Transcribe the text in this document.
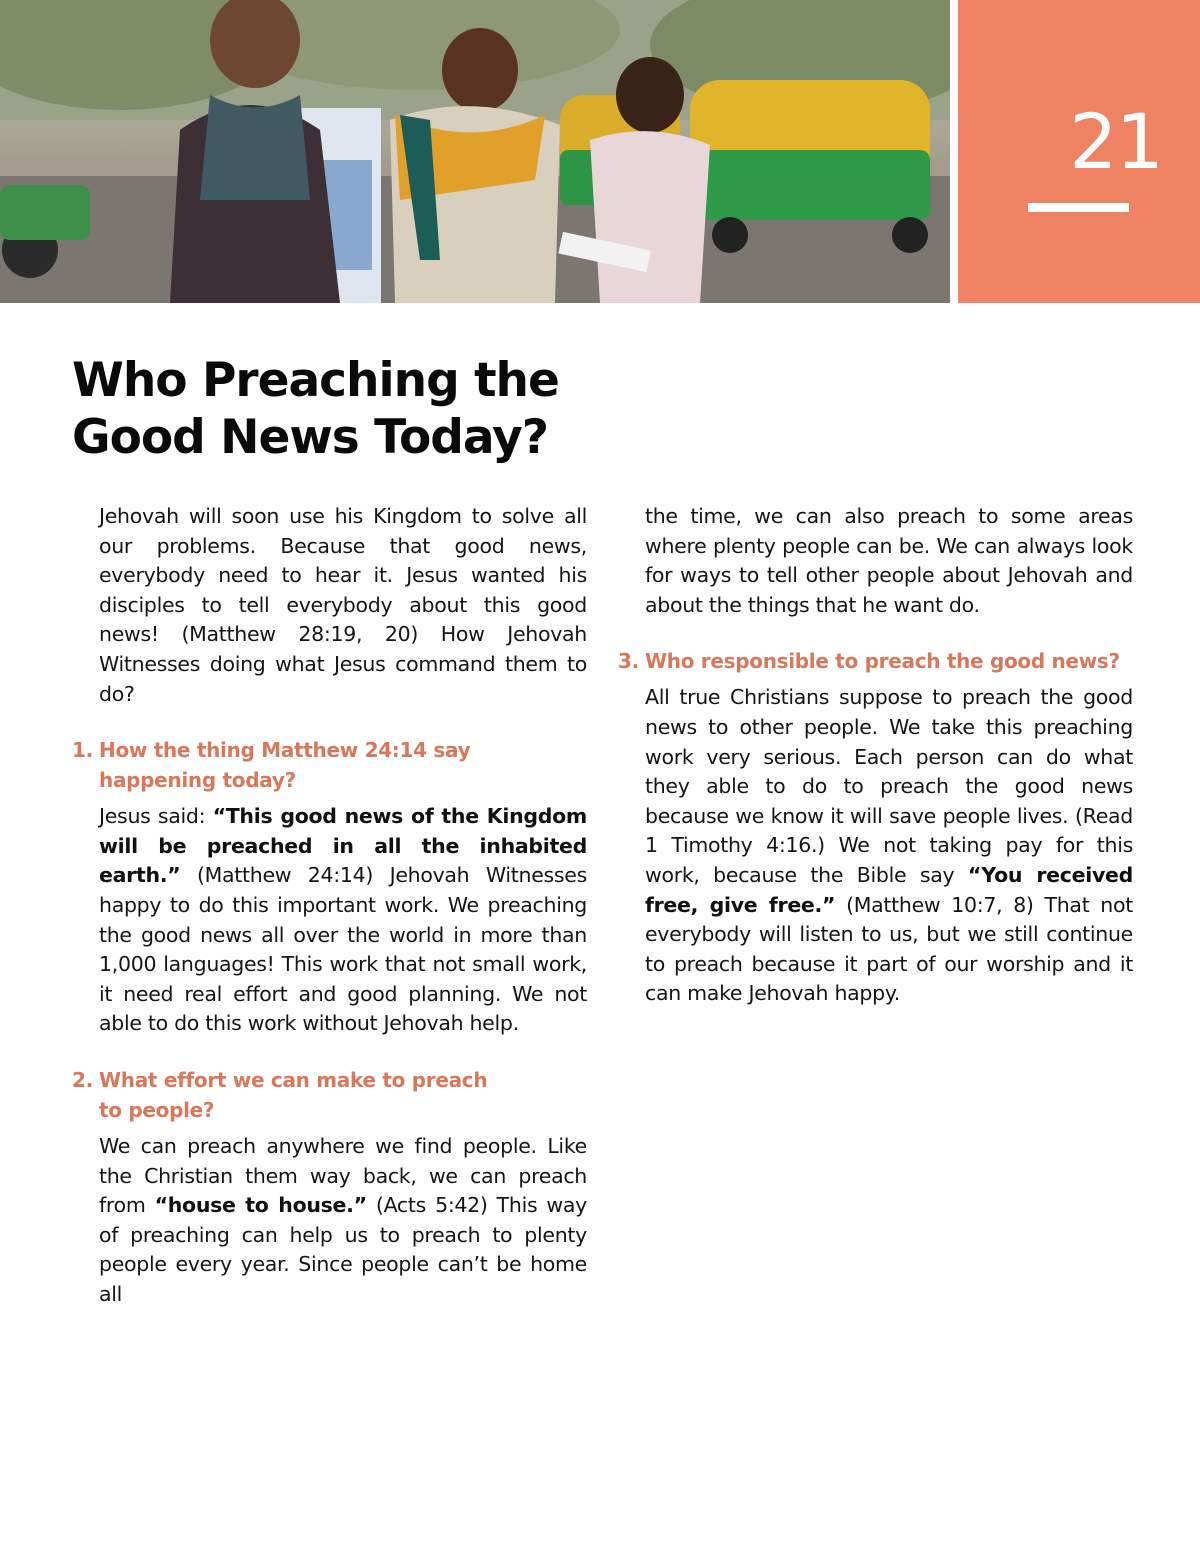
21
Who Preaching the
Good News Today?

Jehovah will soon use his Kingdom to solve all our problems. Because that good news, everybody need to hear it. Jesus wanted his disciples to tell everybody about this good news! (Matthew 28:19, 20) How Jehovah Witnesses doing what Jesus command them to do?

1. How the thing Matthew 24:14 say
happening today?

Jesus said: “This good news of the Kingdom will be preached in all the inhabited earth.” (Matthew 24:14) Jehovah Witnesses happy to do this important work. We preaching the good news all over the world in more than 1,000 languages! This work that not small work, it need real effort and good planning. We not able to do this work without Jehovah help.

2. What effort we can make to preach
to people?

We can preach anywhere we find people. Like the Christian them way back, we can preach from “house to house.” (Acts 5:42) This way of preaching can help us to preach to plenty people every year. Since people can’t be home all

the time, we can also preach to some areas where plenty people can be. We can always look for ways to tell other people about Jehovah and about the things that he want do.

3. Who responsible to preach the good news?

All true Christians suppose to preach the good news to other people. We take this preaching work very serious. Each person can do what they able to do to preach the good news because we know it will save people lives. (Read 1 Timothy 4:16.) We not taking pay for this work, because the Bible say “You received free, give free.” (Matthew 10:7, 8) That not everybody will listen to us, but we still continue to preach because it part of our worship and it can make Jehovah happy.
